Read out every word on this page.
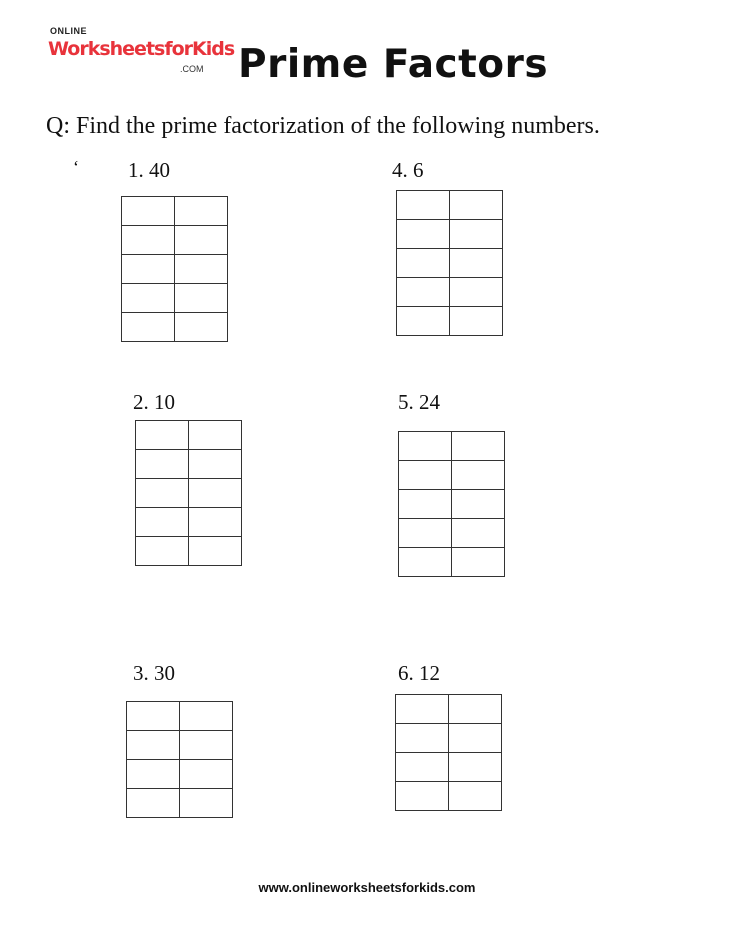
ONLINE
WorksheetsforKids
.COM Prime Factors
Q: Find the prime factorization of the following numbers.
‘ 1. 40

		4. 6

2. 10

		5. 24

3. 30

		6. 12

www.onlineworksheetsforkids.com
